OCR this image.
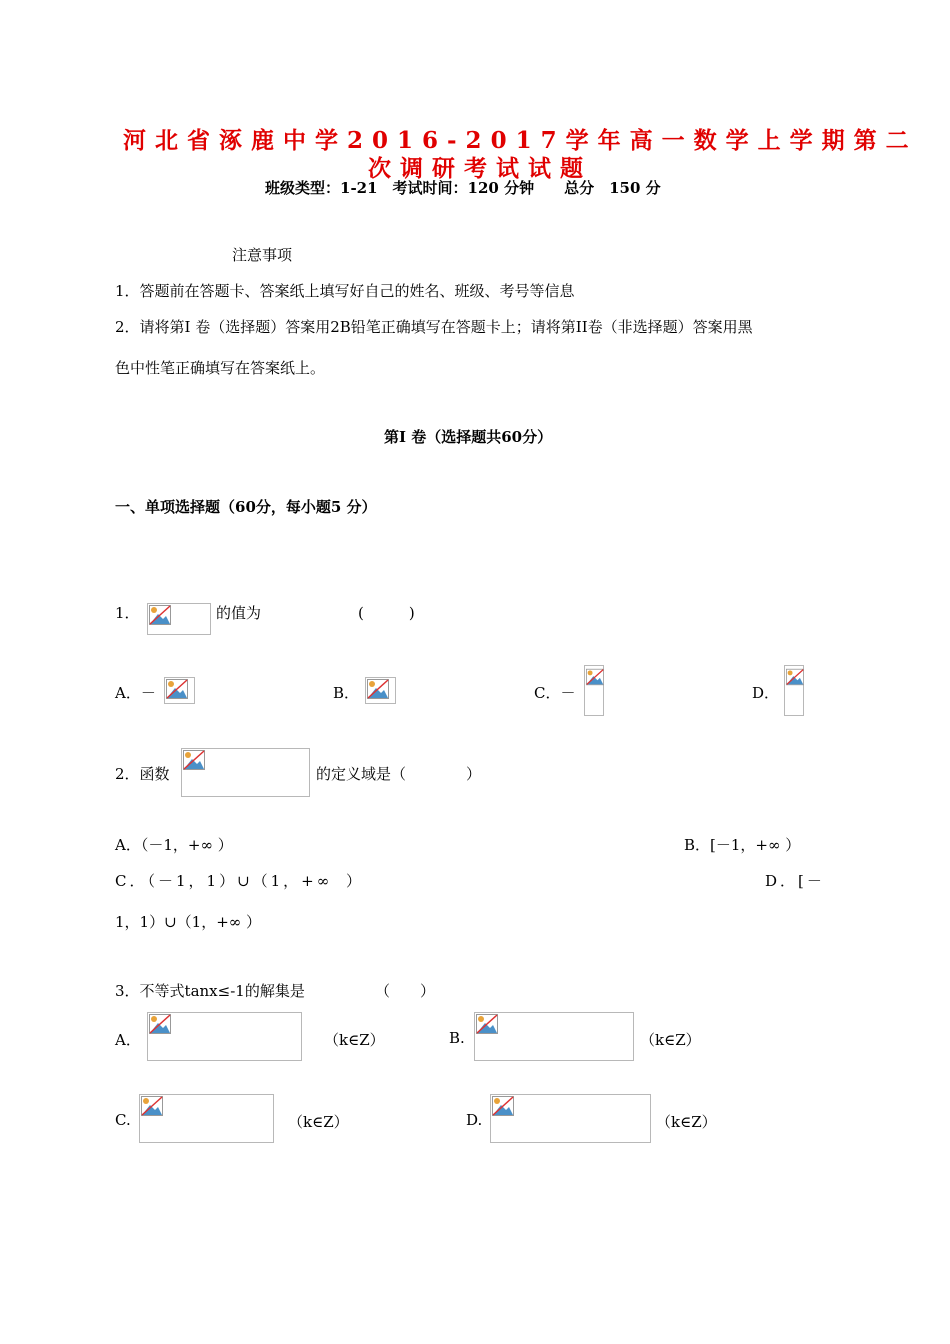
河北省涿鹿中学2016-2017学年高一数学上学期第二
次调研考试试题
班级类型：1-21　考试时间：120 分钟　　总分　150 分
注意事项
1．答题前在答题卡、答案纸上填写好自己的姓名、班级、考号等信息
2．请将第I 卷（选择题）答案用2B铅笔正确填写在答题卡上；请将第II卷（非选择题）答案用黑
色中性笔正确填写在答案纸上。
第I 卷（选择题共60分）
一、单项选择题（60分，每小题5 分）
1．	的值为	(　　　)
A．－	B．	C．－	D．
2．函数	的定义域是（　　　　）
A．（－1，+∞ ）	B．[－1，+∞ ）
C．（－1，1）∪（1，+∞ ）	D．[－
1，1）∪（1，+∞ ）
3．不等式tanx≤-1的解集是	（　　）
A．	（k∈Z）	B.	（k∈Z）
C.	（k∈Z）	D.	（k∈Z）
